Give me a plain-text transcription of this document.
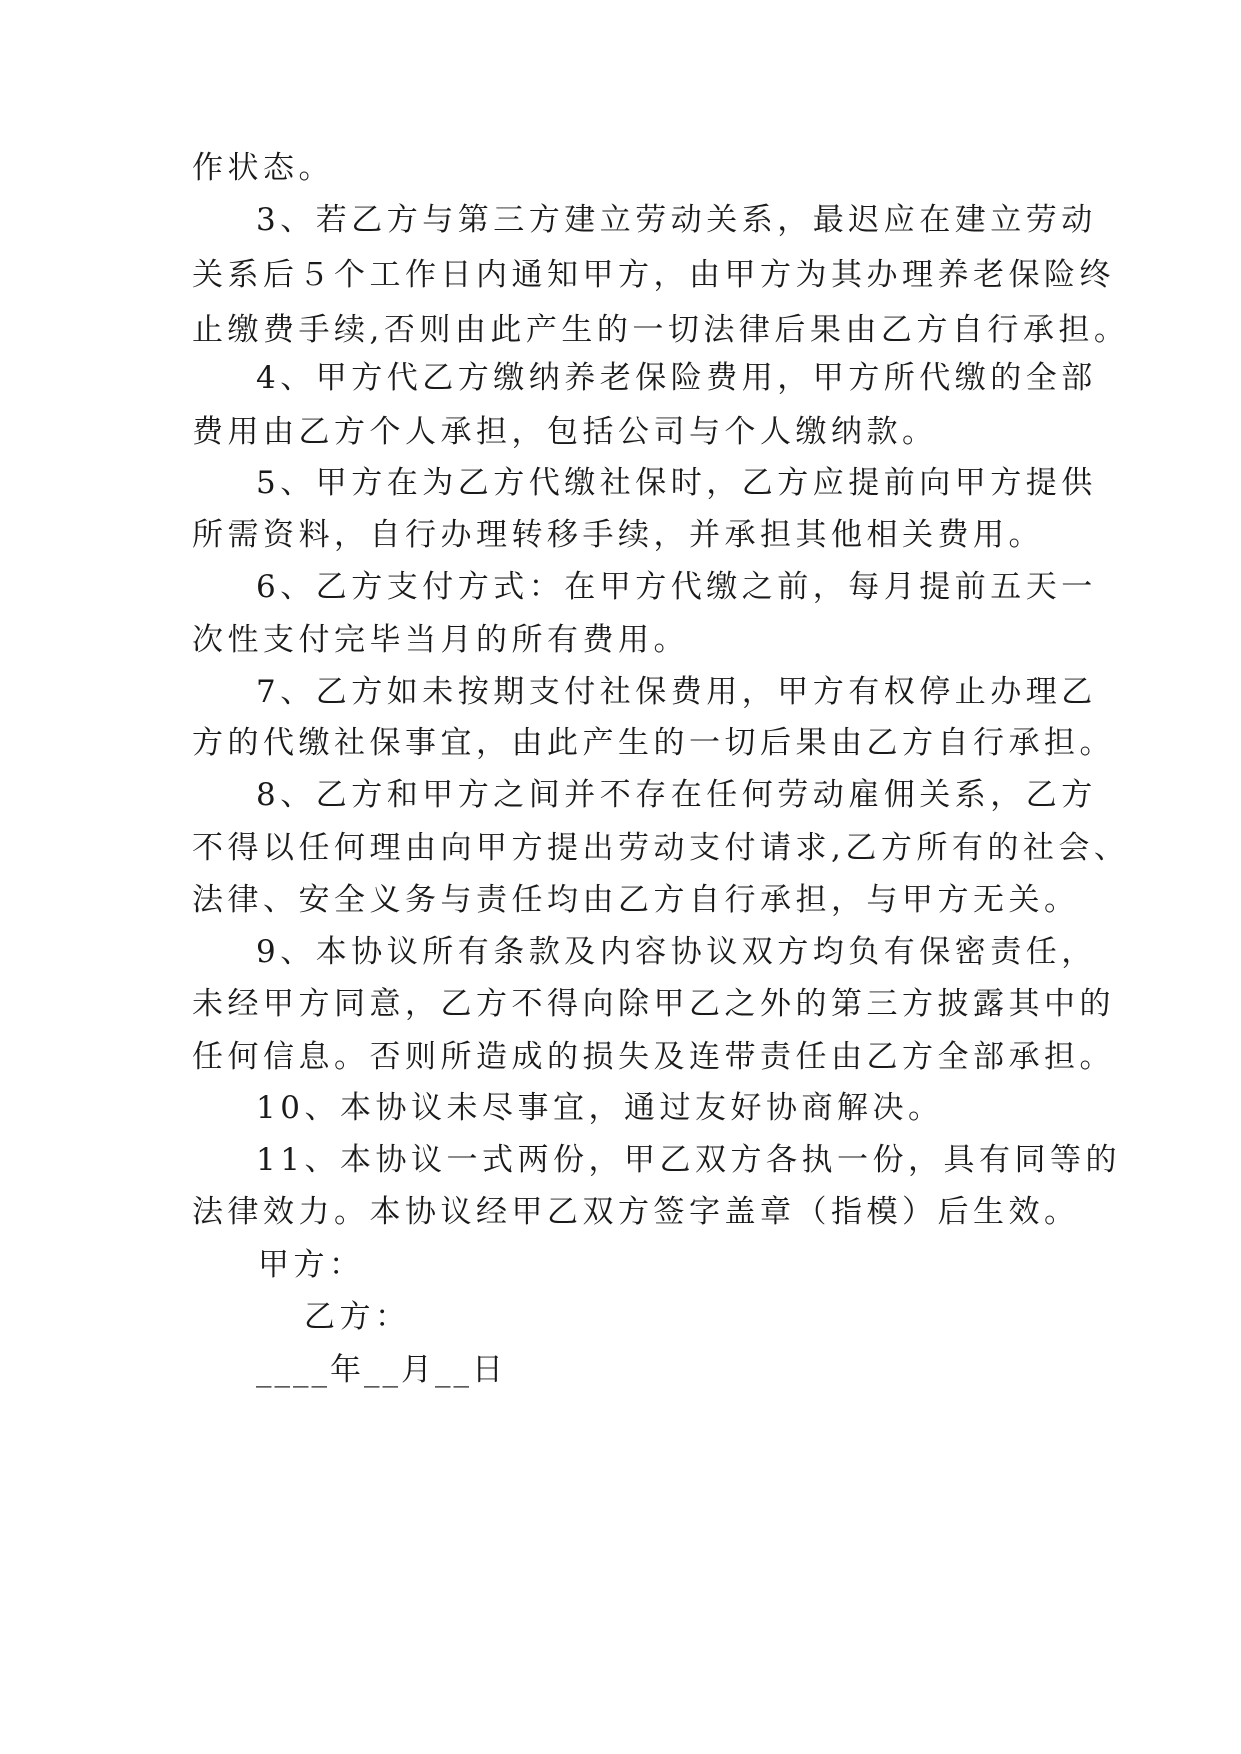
作状态。
3、若乙方与第三方建立劳动关系，最迟应在建立劳动
关系后５个工作日内通知甲方，由甲方为其办理养老保险终
止缴费手续,否则由此产生的一切法律后果由乙方自行承担。
4、甲方代乙方缴纳养老保险费用，甲方所代缴的全部
费用由乙方个人承担，包括公司与个人缴纳款。
5、甲方在为乙方代缴社保时，乙方应提前向甲方提供
所需资料，自行办理转移手续，并承担其他相关费用。
6、乙方支付方式：在甲方代缴之前，每月提前五天一
次性支付完毕当月的所有费用。
7、乙方如未按期支付社保费用，甲方有权停止办理乙
方的代缴社保事宜，由此产生的一切后果由乙方自行承担。
8、乙方和甲方之间并不存在任何劳动雇佣关系，乙方
不得以任何理由向甲方提出劳动支付请求,乙方所有的社会、
法律、安全义务与责任均由乙方自行承担，与甲方无关。
9、本协议所有条款及内容协议双方均负有保密责任，
未经甲方同意，乙方不得向除甲乙之外的第三方披露其中的
任何信息。否则所造成的损失及连带责任由乙方全部承担。
10、本协议未尽事宜，通过友好协商解决。
11、本协议一式两份，甲乙双方各执一份，具有同等的
法律效力。本协议经甲乙双方签字盖章（指模）后生效。
甲方：
乙方：
____年__月__日
